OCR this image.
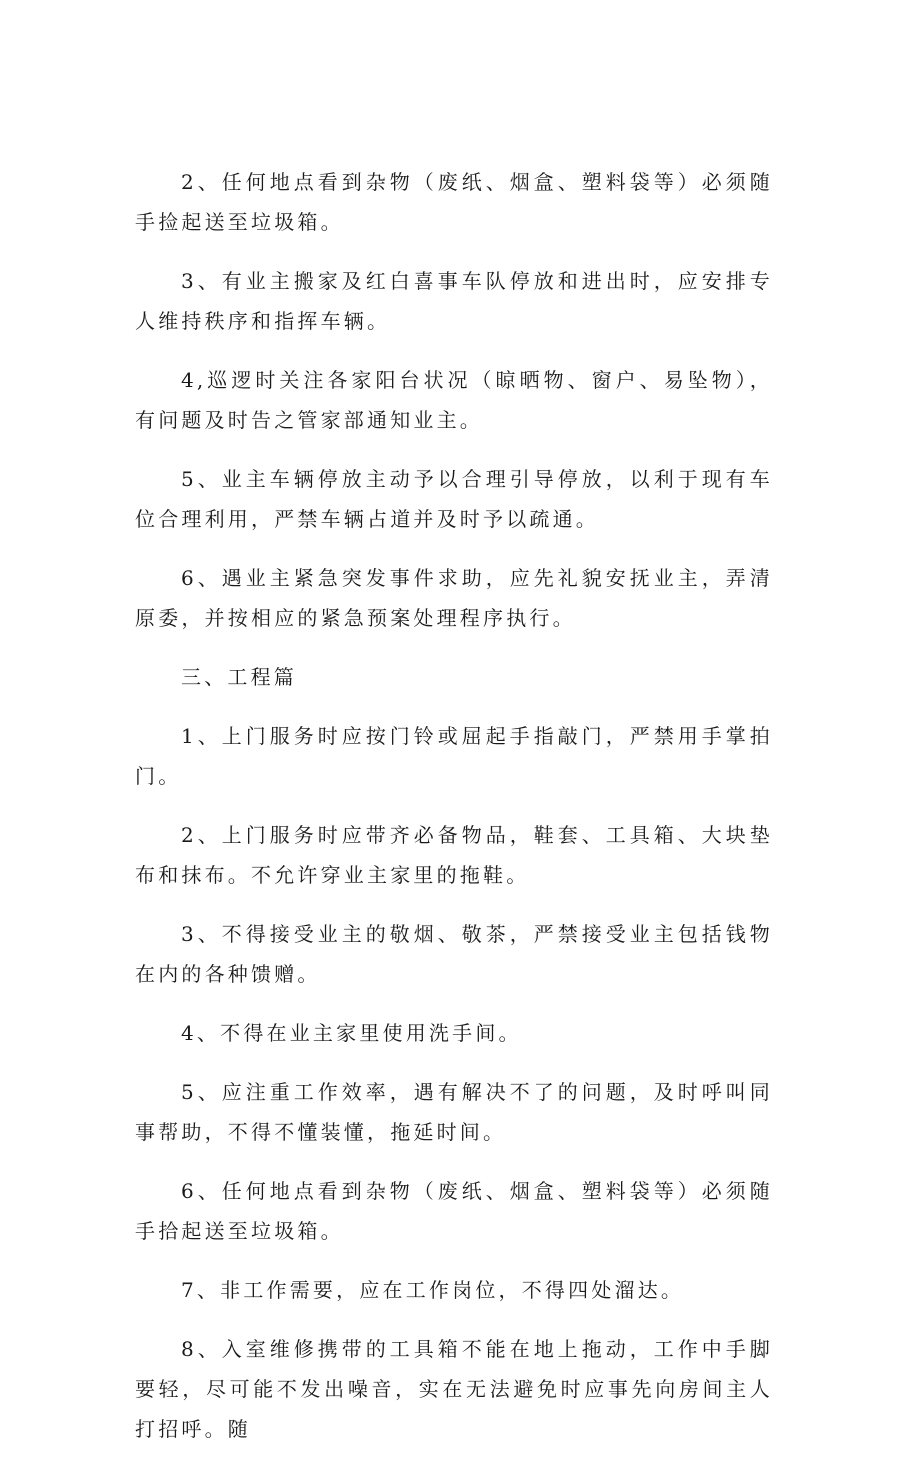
2、任何地点看到杂物（废纸、烟盒、塑料袋等）必须随手捡起送至垃圾箱。

3、有业主搬家及红白喜事车队停放和进出时，应安排专人维持秩序和指挥车辆。

4,巡逻时关注各家阳台状况（晾晒物、窗户、易坠物），有问题及时告之管家部通知业主。

5、业主车辆停放主动予以合理引导停放，以利于现有车位合理利用，严禁车辆占道并及时予以疏通。

6、遇业主紧急突发事件求助，应先礼貌安抚业主，弄清原委，并按相应的紧急预案处理程序执行。

三、工程篇

1、上门服务时应按门铃或屈起手指敲门，严禁用手掌拍门。

2、上门服务时应带齐必备物品，鞋套、工具箱、大块垫布和抹布。不允许穿业主家里的拖鞋。

3、不得接受业主的敬烟、敬茶，严禁接受业主包括钱物在内的各种馈赠。

4、不得在业主家里使用洗手间。

5、应注重工作效率，遇有解决不了的问题，及时呼叫同事帮助，不得不懂装懂，拖延时间。

6、任何地点看到杂物（废纸、烟盒、塑料袋等）必须随手拾起送至垃圾箱。

7、非工作需要，应在工作岗位，不得四处溜达。

8、入室维修携带的工具箱不能在地上拖动，工作中手脚要轻，尽可能不发出噪音，实在无法避免时应事先向房间主人打招呼。随
